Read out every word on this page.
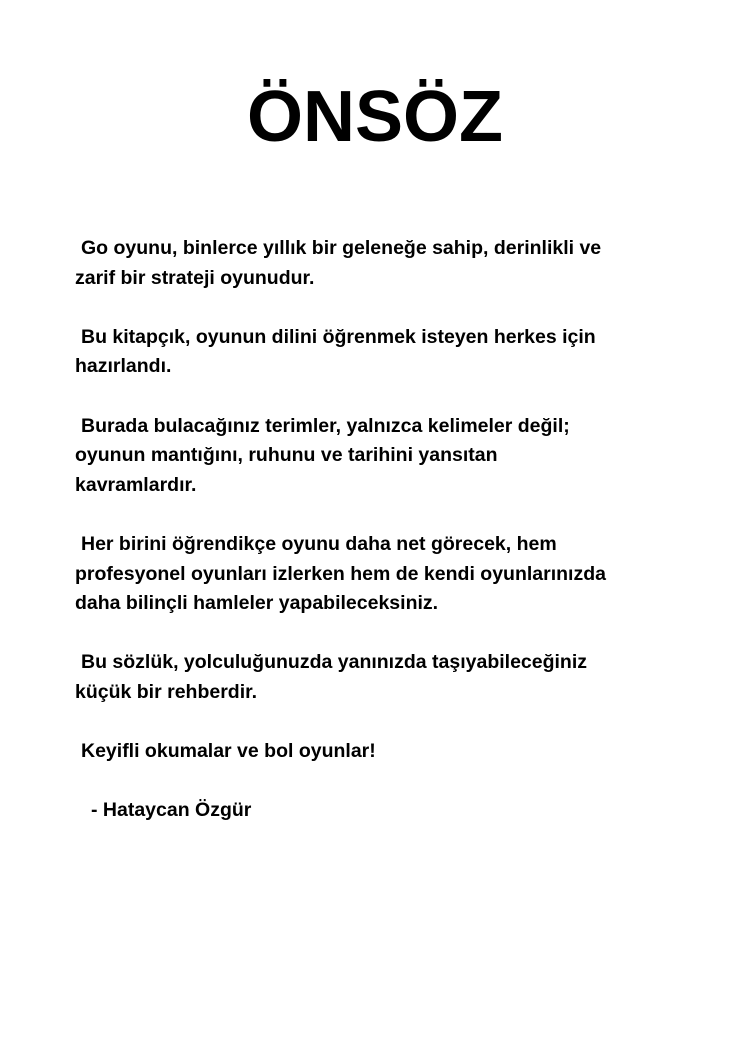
ÖNSÖZ

Go oyunu, binlerce yıllık bir geleneğe sahip, derinlikli ve
zarif bir strateji oyunudur.

Bu kitapçık, oyunun dilini öğrenmek isteyen herkes için
hazırlandı.

Burada bulacağınız terimler, yalnızca kelimeler değil;
oyunun mantığını, ruhunu ve tarihini yansıtan
kavramlardır.

Her birini öğrendikçe oyunu daha net görecek, hem
profesyonel oyunları izlerken hem de kendi oyunlarınızda
daha bilinçli hamleler yapabileceksiniz.

Bu sözlük, yolculuğunuzda yanınızda taşıyabileceğiniz
küçük bir rehberdir.

Keyifli okumalar ve bol oyunlar!

- Hataycan Özgür
